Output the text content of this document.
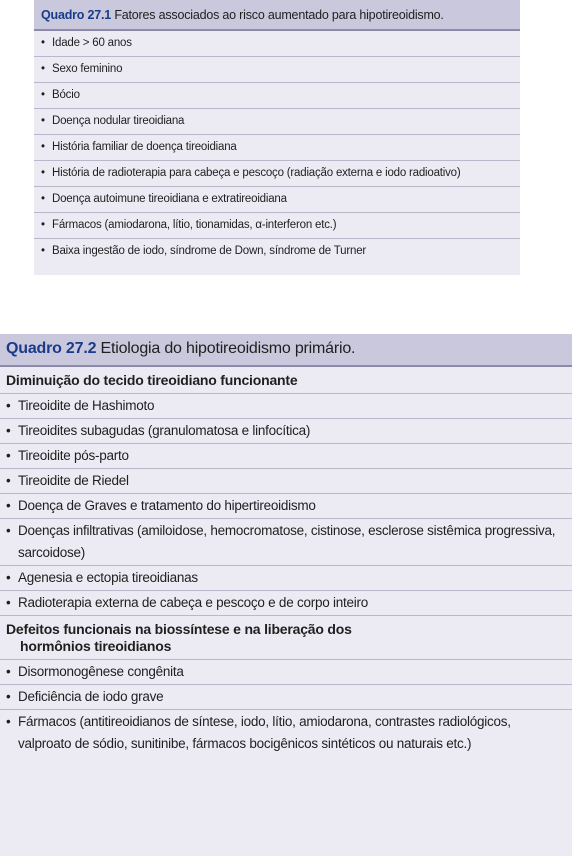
Quadro 27.1 Fatores associados ao risco aumentado para hipotireoidismo.
• Idade > 60 anos
• Sexo feminino
• Bócio
• Doença nodular tireoidiana
• História familiar de doença tireoidiana
• História de radioterapia para cabeça e pescoço (radiação externa e iodo radioativo)
• Doença autoimune tireoidiana e extratireoidiana
• Fármacos (amiodarona, lítio, tionamidas, α-interferon etc.)
• Baixa ingestão de iodo, síndrome de Down, síndrome de Turner
Quadro 27.2 Etiologia do hipotireoidismo primário.
Diminuição do tecido tireoidiano funcionante
• Tireoidite de Hashimoto
• Tireoidites subagudas (granulomatosa e linfocítica)
• Tireoidite pós-parto
• Tireoidite de Riedel
• Doença de Graves e tratamento do hipertireoidismo
• Doenças infiltrativas (amiloidose, hemocromatose, cistinose, esclerose sistêmica progressiva, sarcoidose)
• Agenesia e ectopia tireoidianas
• Radioterapia externa de cabeça e pescoço e de corpo inteiro
Defeitos funcionais na biossíntese e na liberação dos
hormônios tireoidianos
• Disormonogênese congênita
• Deficiência de iodo grave
• Fármacos (antitireoidianos de síntese, iodo, lítio, amiodarona, contrastes radiológicos, valproato de sódio, sunitinibe, fármacos bocigênicos sintéticos ou naturais etc.)
